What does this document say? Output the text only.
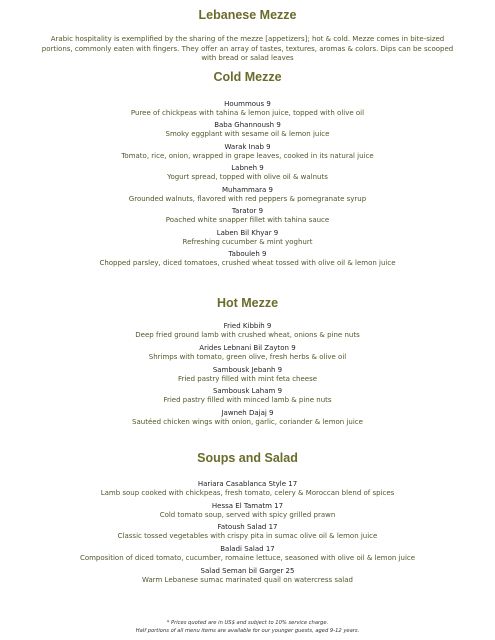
Lebanese Mezze

Arabic hospitality is exemplified by the sharing of the mezze [appetizers]; hot & cold. Mezze comes in bite-sized portions, commonly eaten with fingers. They offer an array of tastes, textures, aromas & colors. Dips can be scooped with bread or salad leaves

Cold Mezze
Hoummous 9
Puree of chickpeas with tahina & lemon juice, topped with olive oil
Baba Ghannoush 9
Smoky eggplant with sesame oil & lemon juice
Warak Inab 9
Tomato, rice, onion, wrapped in grape leaves, cooked in its natural juice
Labneh 9
Yogurt spread, topped with olive oil & walnuts
Muhammara 9
Grounded walnuts, flavored with red peppers & pomegranate syrup
Tarator 9
Poached white snapper fillet with tahina sauce
Laben Bil Khyar 9
Refreshing cucumber & mint yoghurt
Tabouleh 9
Chopped parsley, diced tomatoes, crushed wheat tossed with olive oil & lemon juice
Hot Mezze
Fried Kibbih 9
Deep fried ground lamb with crushed wheat, onions & pine nuts
Arides Lebnani Bil Zayton 9
Shrimps with tomato, green olive, fresh herbs & olive oil
Sambousk Jebanh 9
Fried pastry filled with mint feta cheese
Sambousk Laham 9
Fried pastry filled with minced lamb & pine nuts
Jawneh Dajaj 9
Sautéed chicken wings with onion, garlic, coriander & lemon juice
Soups and Salad
Hariara Casablanca Style 17
Lamb soup cooked with chickpeas, fresh tomato, celery & Moroccan blend of spices
Hessa El Tamatm 17
Cold tomato soup, served with spicy grilled prawn
Fatoush Salad 17
Classic tossed vegetables with crispy pita in sumac olive oil & lemon juice
Baladi Salad 17
Composition of diced tomato, cucumber, romaine lettuce, seasoned with olive oil & lemon juice
Salad Seman bil Garger 25
Warm Lebanese sumac marinated quail on watercress salad
* Prices quoted are in US$ and subject to 10% service charge.
Half portions of all menu items are available for our younger guests, aged 9-12 years.
